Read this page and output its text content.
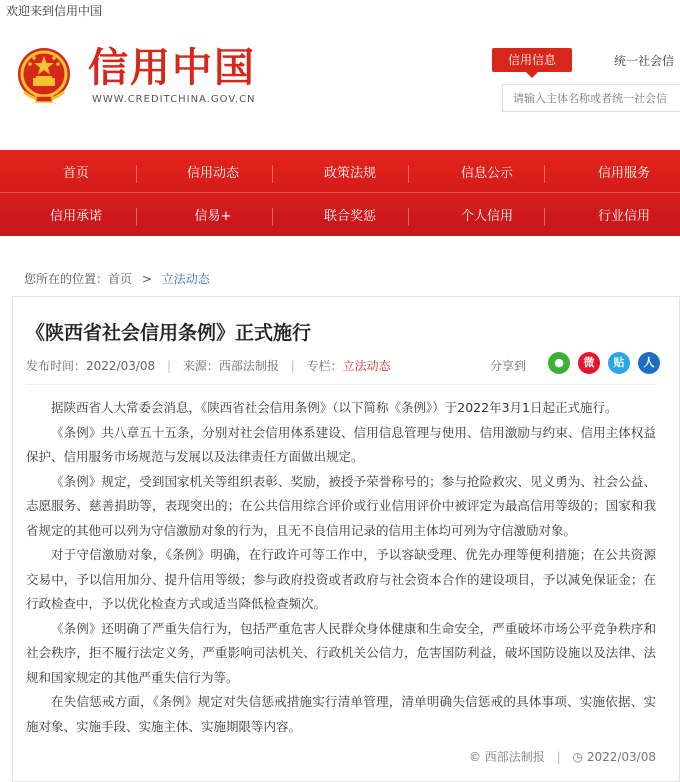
欢迎来到信用中国
信用中国
WWW.CREDITCHINA.GOV.CN
信用信息	统一社会信
请输入主体名称或者统一社会信
首页	信用动态	政策法规	信息公示	信用服务
信用承诺	信易+	联合奖惩	个人信用	行业信用
您所在的位置：首页 > 立法动态
《陕西省社会信用条例》正式施行
发布时间：2022/03/08 | 来源：西部法制报 | 专栏：立法动态	分享到	●	微	贴	人

据陕西省人大常委会消息，《陕西省社会信用条例》（以下简称《条例》）于2022年3月1日起正式施行。

《条例》共八章五十五条，分别对社会信用体系建设、信用信息管理与使用、信用激励与约束、信用主体权益保护、信用服务市场规范与发展以及法律责任方面做出规定。

《条例》规定，受到国家机关等组织表彰、奖励，被授予荣誉称号的；参与抢险救灾、见义勇为、社会公益、志愿服务、慈善捐助等，表现突出的；在公共信用综合评价或行业信用评价中被评定为最高信用等级的；国家和我省规定的其他可以列为守信激励对象的行为，且无不良信用记录的信用主体均可列为守信激励对象。

对于守信激励对象，《条例》明确，在行政许可等工作中，予以容缺受理、优先办理等便利措施；在公共资源交易中，予以信用加分、提升信用等级；参与政府投资或者政府与社会资本合作的建设项目，予以减免保证金；在行政检查中，予以优化检查方式或适当降低检查频次。

《条例》还明确了严重失信行为，包括严重危害人民群众身体健康和生命安全，严重破坏市场公平竞争秩序和社会秩序，拒不履行法定义务，严重影响司法机关、行政机关公信力，危害国防利益，破坏国防设施以及法律、法规和国家规定的其他严重失信行为等。

在失信惩戒方面，《条例》规定对失信惩戒措施实行清单管理，清单明确失信惩戒的具体事项、实施依据、实施对象、实施手段、实施主体、实施期限等内容。

© 西部法制报 | ◷ 2022/03/08
